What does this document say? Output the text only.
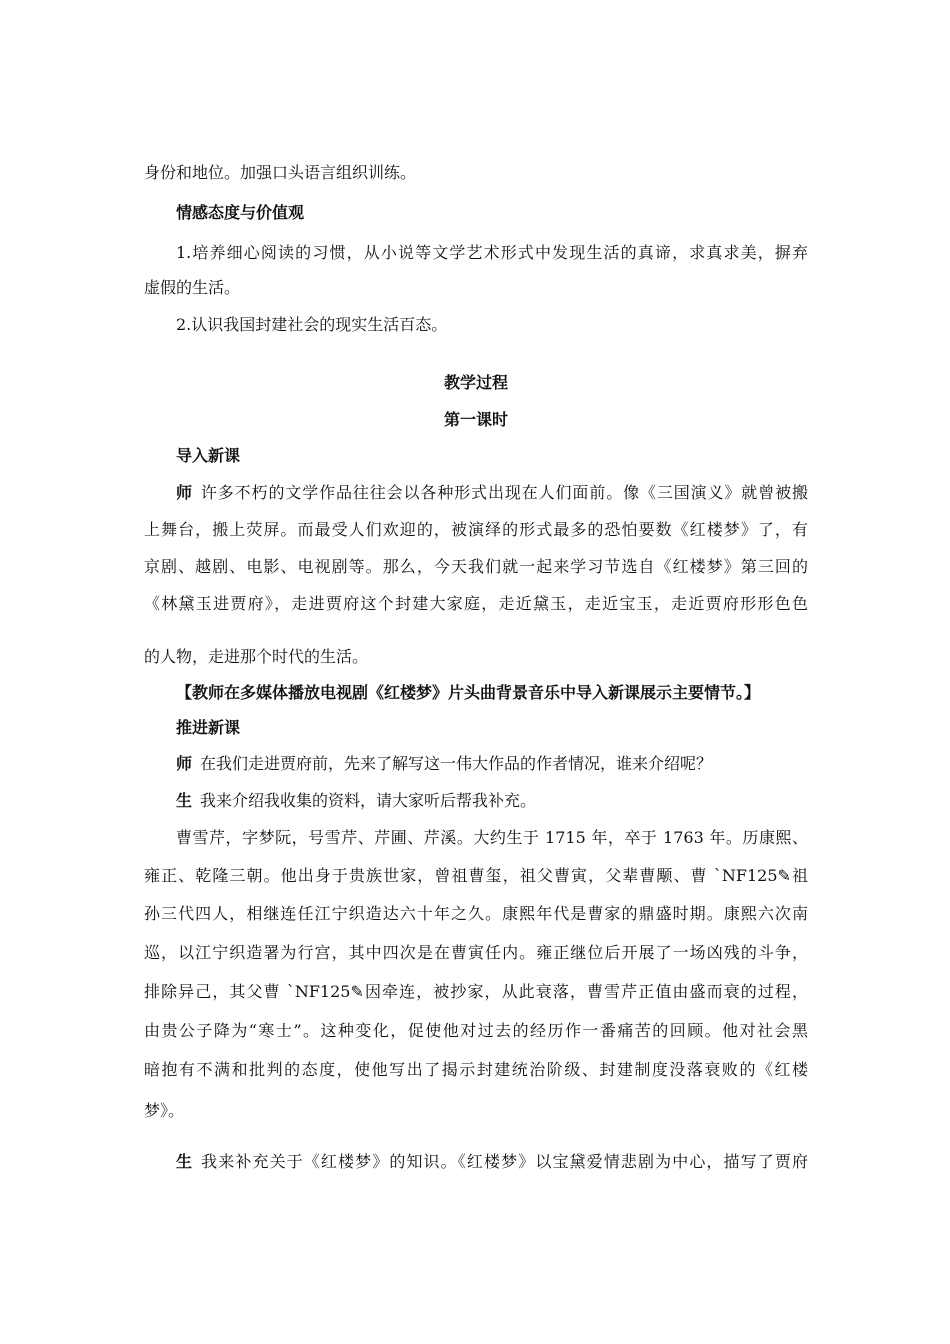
身份和地位。加强口头语言组织训练。
情感态度与价值观
1.培养细心阅读的习惯，从小说等文学艺术形式中发现生活的真谛，求真求美，摒弃
虚假的生活。
2.认识我国封建社会的现实生活百态。
教学过程
第一课时
导入新课
师 许多不朽的文学作品往往会以各种形式出现在人们面前。像《三国演义》就曾被搬
上舞台，搬上荧屏。而最受人们欢迎的，被演绎的形式最多的恐怕要数《红楼梦》了，有
京剧、越剧、电影、电视剧等。那么，今天我们就一起来学习节选自《红楼梦》第三回的
《林黛玉进贾府》，走进贾府这个封建大家庭，走近黛玉，走近宝玉，走近贾府形形色色
的人物，走进那个时代的生活。
【教师在多媒体播放电视剧《红楼梦》片头曲背景音乐中导入新课展示主要情节。】
推进新课
师 在我们走进贾府前，先来了解写这一伟大作品的作者情况，谁来介绍呢？
生 我来介绍我收集的资料，请大家听后帮我补充。
曹雪芹，字梦阮，号雪芹、芹圃、芹溪。大约生于 1715 年，卒于 1763 年。历康熙、
雍正、乾隆三朝。他出身于贵族世家，曾祖曹玺，祖父曹寅，父辈曹颙、曹 `NF125✎祖
孙三代四人，相继连任江宁织造达六十年之久。康熙年代是曹家的鼎盛时期。康熙六次南
巡，以江宁织造署为行宫，其中四次是在曹寅任内。雍正继位后开展了一场凶残的斗争，
排除异己，其父曹 `NF125✎因牵连，被抄家，从此衰落，曹雪芹正值由盛而衰的过程，
由贵公子降为“寒士”。这种变化，促使他对过去的经历作一番痛苦的回顾。他对社会黑
暗抱有不满和批判的态度，使他写出了揭示封建统治阶级、封建制度没落衰败的《红楼
梦》。
生 我来补充关于《红楼梦》的知识。《红楼梦》以宝黛爱情悲剧为中心，描写了贾府
